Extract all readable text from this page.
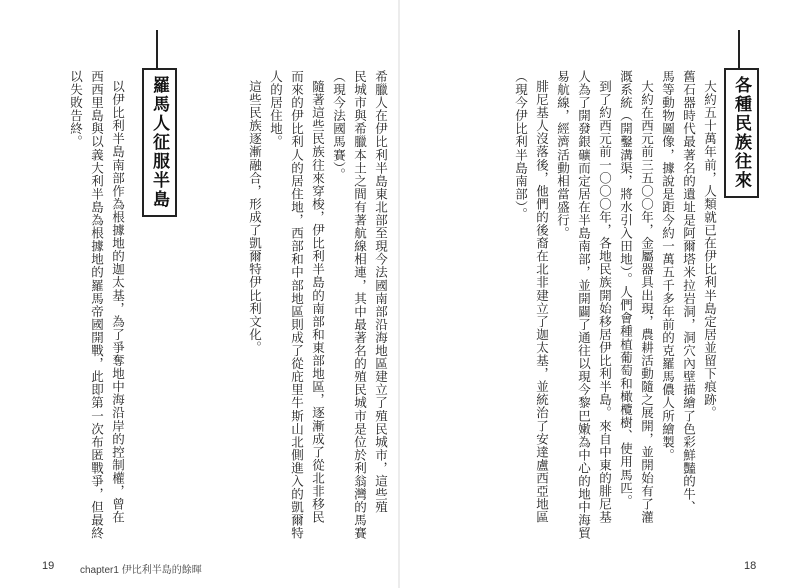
各種民族往來
大約五十萬年前，人類就已在伊比利半島定居並留下痕跡。
舊石器時代最著名的遺址是阿爾塔米拉岩洞，洞穴內壁描繪了色彩鮮豔的牛、
馬等動物圖像，據說是距今約一萬五千多年前的克羅馬儂人所繪製。
大約在西元前三五〇〇年，金屬器具出現，農耕活動隨之展開，並開始有了灌
溉系統（開鑿溝渠，將水引入田地）。人們會種植葡萄和橄欖樹、使用馬匹。
到了約西元前一〇〇〇年，各地民族開始移居伊比利半島。來自中東的腓尼基
人為了開發銀礦而定居在半島南部，並開闢了通往以現今黎巴嫩為中心的地中海貿
易航線，經濟活動相當盛行。
腓尼基人沒落後，他們的後裔在北非建立了迦太基，並統治了安達盧西亞地區
（現今伊比利半島南部）。
希臘人在伊比利半島東北部至現今法國南部沿海地區建立了殖民城市，這些殖
民城市與希臘本土之間有著航線相連，其中最著名的殖民城市是位於利翁灣的馬賽
（現今法國馬賽）。
隨著這些民族往來穿梭，伊比利半島的南部和東部地區，逐漸成了從北非移民
而來的伊比利人的居住地，西部和中部地區則成了從庇里牛斯山北側進入的凱爾特
人的居住地。
這些民族逐漸融合，形成了凱爾特伊比利文化。
羅馬人征服半島
以伊比利半島南部作為根據地的迦太基，為了爭奪地中海沿岸的控制權，曾在
西西里島與以義大利半島為根據地的羅馬帝國開戰，此即第一次布匿戰爭，但最終
以失敗告終。
19	chapter1 伊比利半島的餘暉	18
